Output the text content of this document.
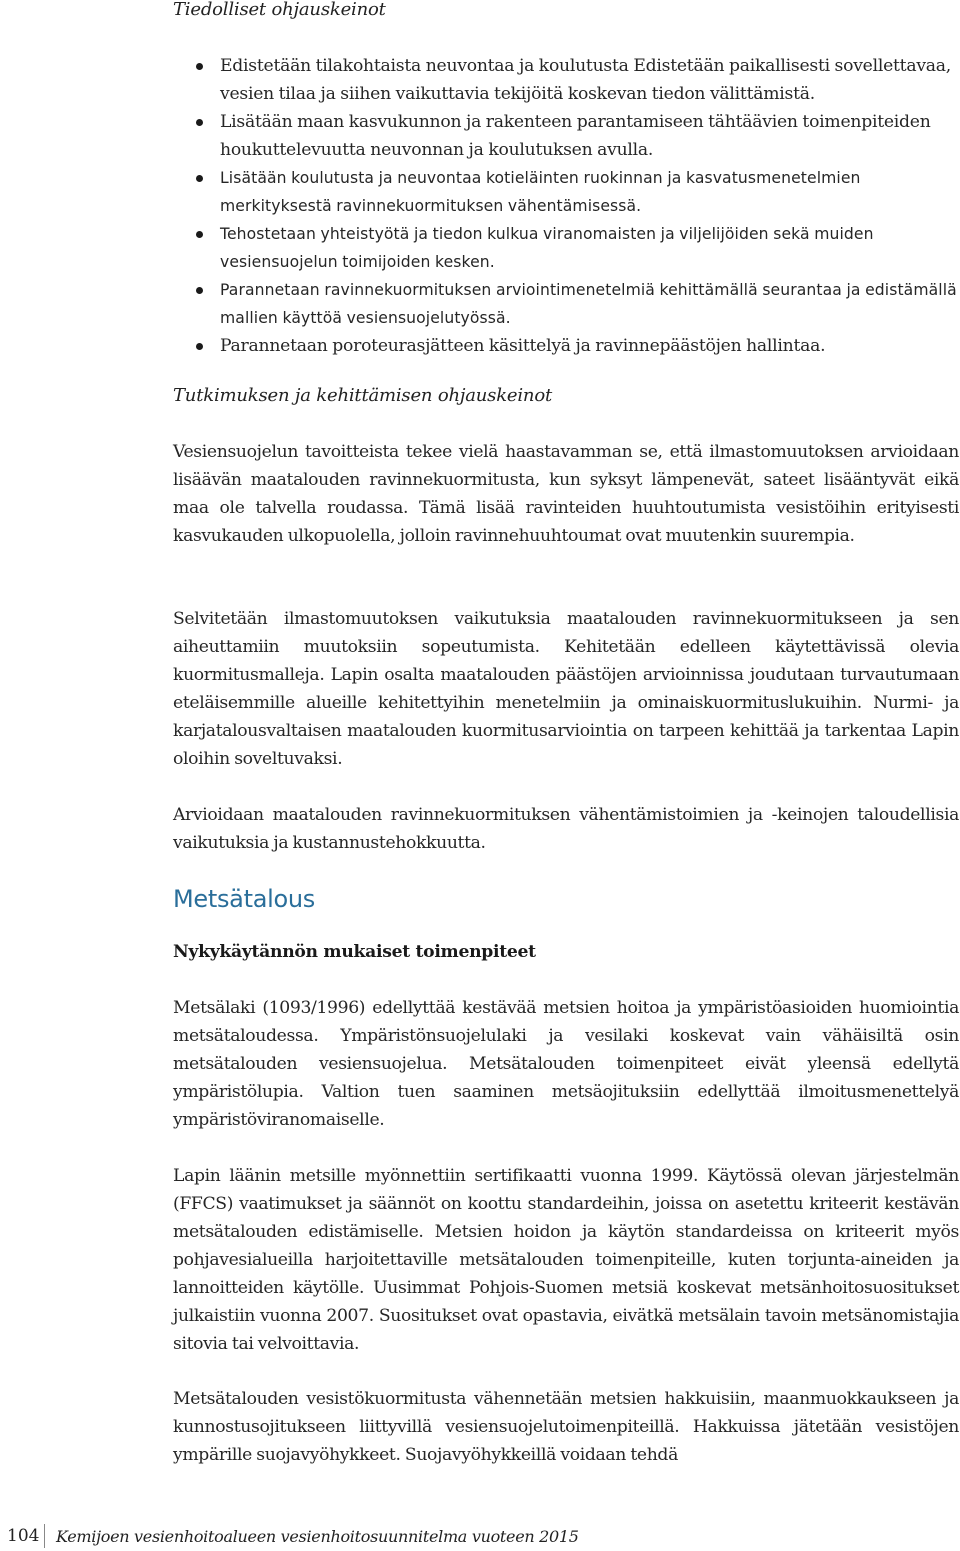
Tiedolliset ohjauskeinot

Edistetään tilakohtaista neuvontaa ja koulutusta Edistetään paikallisesti sovellettavaa, vesien tilaa ja siihen vaikuttavia tekijöitä koskevan tiedon välittämistä.
Lisätään maan kasvukunnon ja rakenteen parantamiseen tähtäävien toimenpiteiden houkuttelevuutta neuvonnan ja koulutuksen avulla.
Lisätään koulutusta ja neuvontaa kotieläinten ruokinnan ja kasvatusmenetelmien merkityksestä ravinnekuormituksen vähentämisessä.
Tehostetaan yhteistyötä ja tiedon kulkua viranomaisten ja viljelijöiden sekä muiden vesiensuojelun toimijoiden kesken.
Parannetaan ravinnekuormituksen arviointimenetelmiä kehittämällä seurantaa ja edistämällä mallien käyttöä vesiensuojelutyössä.
Parannetaan poroteurasjätteen käsittelyä ja ravinnepäästöjen hallintaa.

Tutkimuksen ja kehittämisen ohjauskeinot

Vesiensuojelun tavoitteista tekee vielä haastavamman se, että ilmastomuutoksen arvioidaan lisäävän maatalouden ravinnekuormitusta, kun syksyt lämpenevät, sateet lisääntyvät eikä maa ole talvella roudassa. Tämä lisää ravinteiden huuhtoutumista vesistöihin erityisesti kasvukauden ulkopuolella, jolloin ravinnehuuhtoumat ovat muutenkin suurempia.

Selvitetään ilmastomuutoksen vaikutuksia maatalouden ravinnekuormitukseen ja sen aiheuttamiin muutoksiin sopeutumista. Kehitetään edelleen käytettävissä olevia kuormitusmalleja. Lapin osalta maatalouden päästöjen arvioinnissa joudutaan turvautumaan eteläisemmille alueille kehitettyihin menetelmiin ja ominaiskuormituslukuihin. Nurmi- ja karjatalousvaltaisen maatalouden kuormitusarviointia on tarpeen kehittää ja tarkentaa Lapin oloihin soveltuvaksi.

Arvioidaan maatalouden ravinnekuormituksen vähentämistoimien ja -keinojen taloudellisia vaikutuksia ja kustannustehokkuutta.

Metsätalous

Nykykäytännön mukaiset toimenpiteet

Metsälaki (1093/1996) edellyttää kestävää metsien hoitoa ja ympäristöasioiden huomiointia metsätaloudessa. Ympäristönsuojelulaki ja vesilaki koskevat vain vähäisiltä osin metsätalouden vesiensuojelua. Metsätalouden toimenpiteet eivät yleensä edellytä ympäristölupia. Valtion tuen saaminen metsäojituksiin edellyttää ilmoitusmenettelyä ympäristöviranomaiselle.

Lapin läänin metsille myönnettiin sertifikaatti vuonna 1999. Käytössä olevan järjestelmän (FFCS) vaatimukset ja säännöt on koottu standardeihin, joissa on asetettu kriteerit kestävän metsätalouden edistämiselle. Metsien hoidon ja käytön standardeissa on kriteerit myös pohjavesialueilla harjoitettaville metsätalouden toimenpiteille, kuten torjunta-aineiden ja lannoitteiden käytölle. Uusimmat Pohjois-Suomen metsiä koskevat metsänhoitosuositukset julkaistiin vuonna 2007. Suositukset ovat opastavia, eivätkä metsälain tavoin metsänomistajia sitovia tai velvoittavia.

Metsätalouden vesistökuormitusta vähennetään metsien hakkuisiin, maanmuokkaukseen ja kunnostusojitukseen liittyvillä vesiensuojelutoimenpiteillä. Hakkuissa jätetään vesistöjen ympärille suojavyöhykkeet. Suojavyöhykkeillä voidaan tehdä

104 Kemijoen vesienhoitoalueen vesienhoitosuunnitelma vuoteen 2015
